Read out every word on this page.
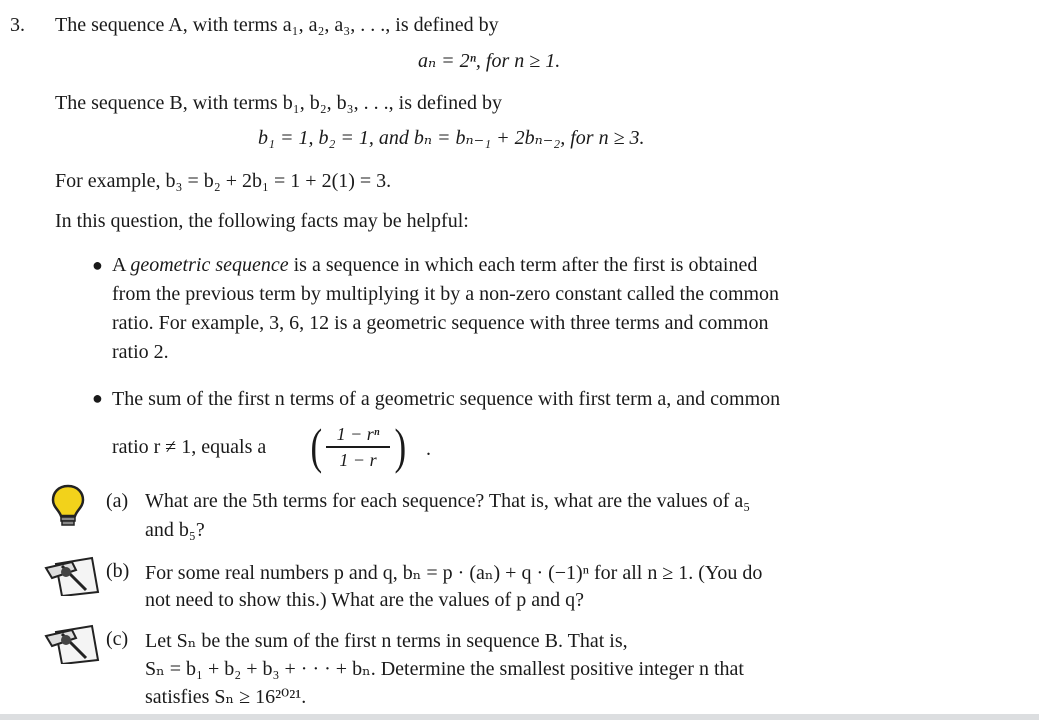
3. The sequence A, with terms a₁, a₂, a₃, . . ., is defined by
aₙ = 2ⁿ, for n ≥ 1.
The sequence B, with terms b₁, b₂, b₃, . . ., is defined by
b₁ = 1, b₂ = 1, and bₙ = bₙ₋₁ + 2bₙ₋₂, for n ≥ 3.
For example, b₃ = b₂ + 2b₁ = 1 + 2(1) = 3.
In this question, the following facts may be helpful:
● A geometric sequence is a sequence in which each term after the first is obtained
from the previous term by multiplying it by a non-zero constant called the common
ratio. For example, 3, 6, 12 is a geometric sequence with three terms and common
ratio 2.
● The sum of the first n terms of a geometric sequence with first term a, and common
ratio r ≠ 1, equals a ( 1 − rⁿ
1 − r ) .
(a) What are the 5th terms for each sequence? That is, what are the values of a₅
and b₅?
(b) For some real numbers p and q, bₙ = p · (aₙ) + q · (−1)ⁿ for all n ≥ 1. (You do
not need to show this.) What are the values of p and q?
(c) Let Sₙ be the sum of the first n terms in sequence B. That is,
Sₙ = b₁ + b₂ + b₃ + · · · + bₙ. Determine the smallest positive integer n that
satisfies Sₙ ≥ 16²⁰²¹.
